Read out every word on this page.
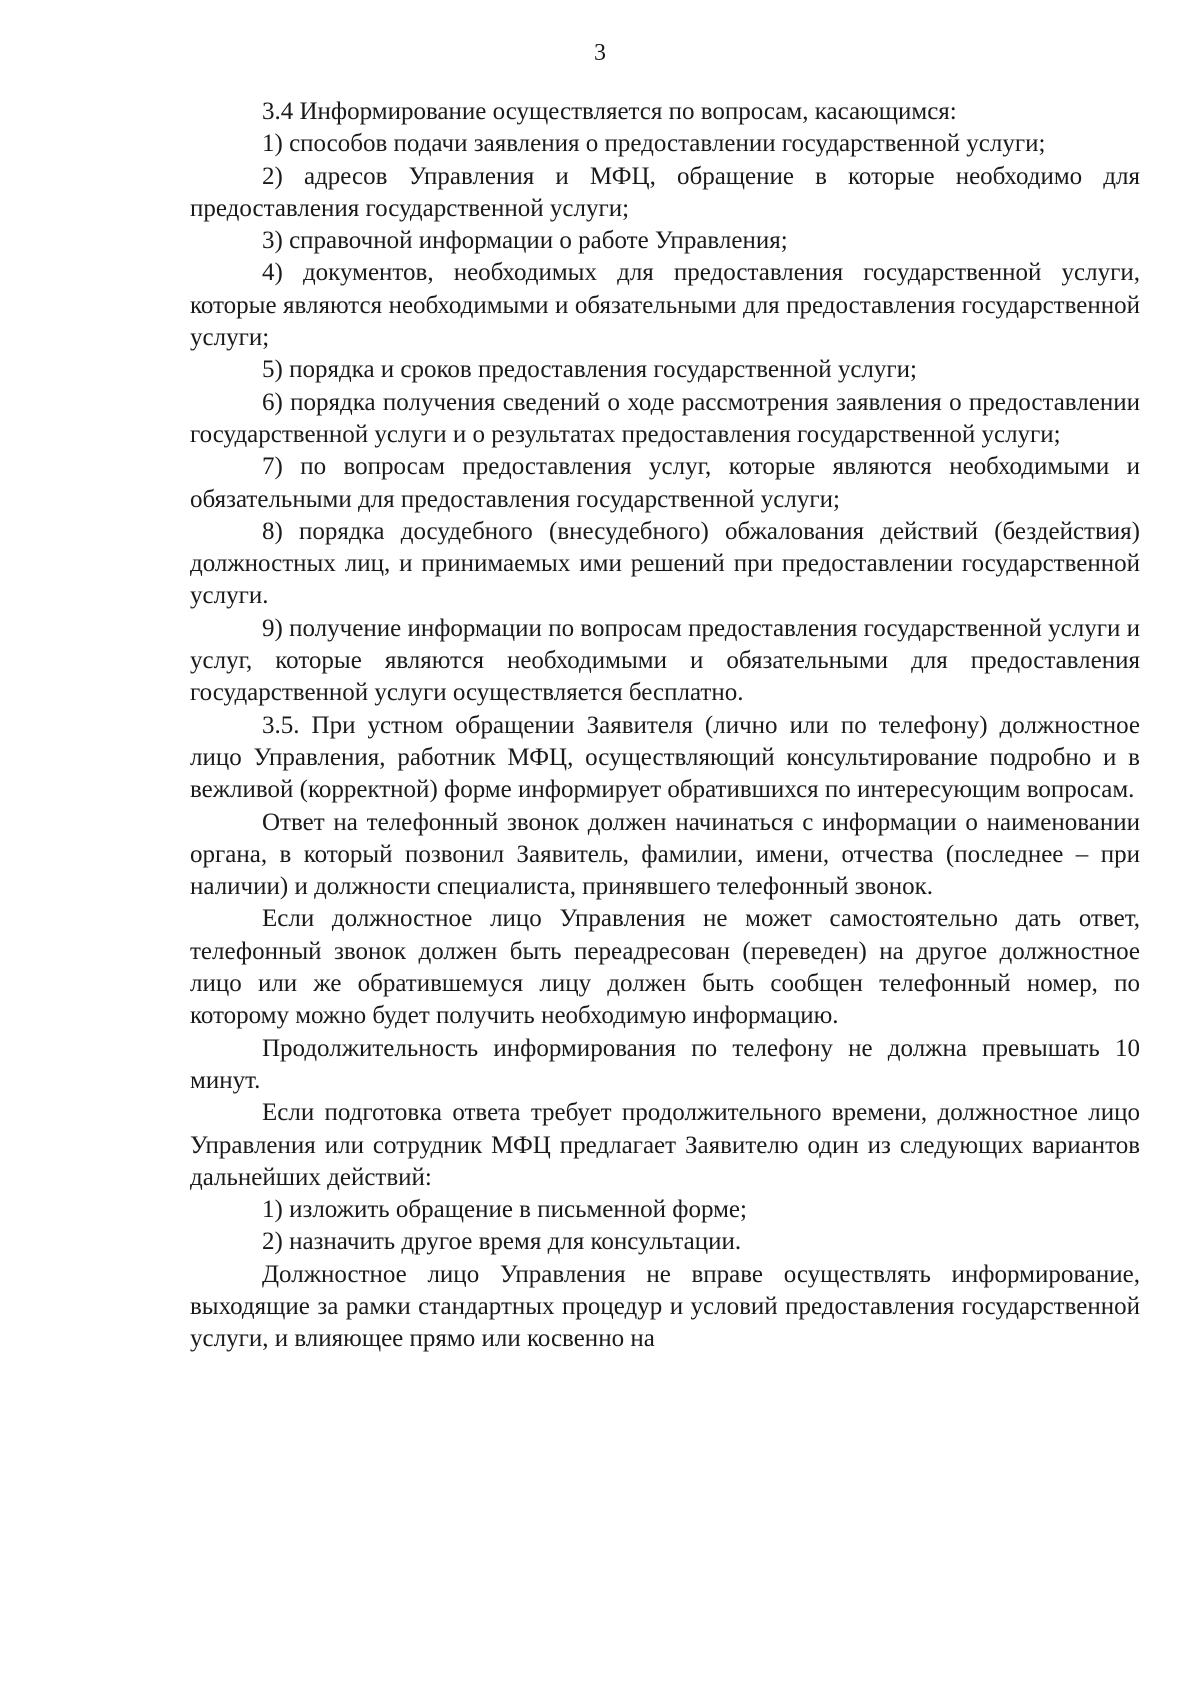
3

3.4 Информирование осуществляется по вопросам, касающимся:

1) способов подачи заявления о предоставлении государственной услуги;

2) адресов Управления и МФЦ, обращение в которые необходимо для предоставления государственной услуги;

3) справочной информации о работе Управления;

4) документов, необходимых для предоставления государственной услуги, которые являются необходимыми и обязательными для предоставления государственной услуги;

5) порядка и сроков предоставления государственной услуги;

6) порядка получения сведений о ходе рассмотрения заявления о предоставлении государственной услуги и о результатах предоставления государственной услуги;

7) по вопросам предоставления услуг, которые являются необходимыми и обязательными для предоставления государственной услуги;

8) порядка досудебного (внесудебного) обжалования действий (бездействия) должностных лиц, и принимаемых ими решений при предоставлении государственной услуги.

9) получение информации по вопросам предоставления государственной услуги и услуг, которые являются необходимыми и обязательными для предоставления государственной услуги осуществляется бесплатно.

3.5. При устном обращении Заявителя (лично или по телефону) должностное лицо Управления, работник МФЦ, осуществляющий консультирование подробно и в вежливой (корректной) форме информирует обратившихся по интересующим вопросам.

Ответ на телефонный звонок должен начинаться с информации о наименовании органа, в который позвонил Заявитель, фамилии, имени, отчества (последнее – при наличии) и должности специалиста, принявшего телефонный звонок.

Если должностное лицо Управления не может самостоятельно дать ответ, телефонный звонок должен быть переадресован (переведен) на другое должностное лицо или же обратившемуся лицу должен быть сообщен телефонный номер, по которому можно будет получить необходимую информацию.

Продолжительность информирования по телефону не должна превышать 10 минут.

Если подготовка ответа требует продолжительного времени, должностное лицо Управления или сотрудник МФЦ предлагает Заявителю один из следующих вариантов дальнейших действий:

1) изложить обращение в письменной форме;

2) назначить другое время для консультации.

Должностное лицо Управления не вправе осуществлять информирование, выходящие за рамки стандартных процедур и условий предоставления государственной услуги, и влияющее прямо или косвенно на
